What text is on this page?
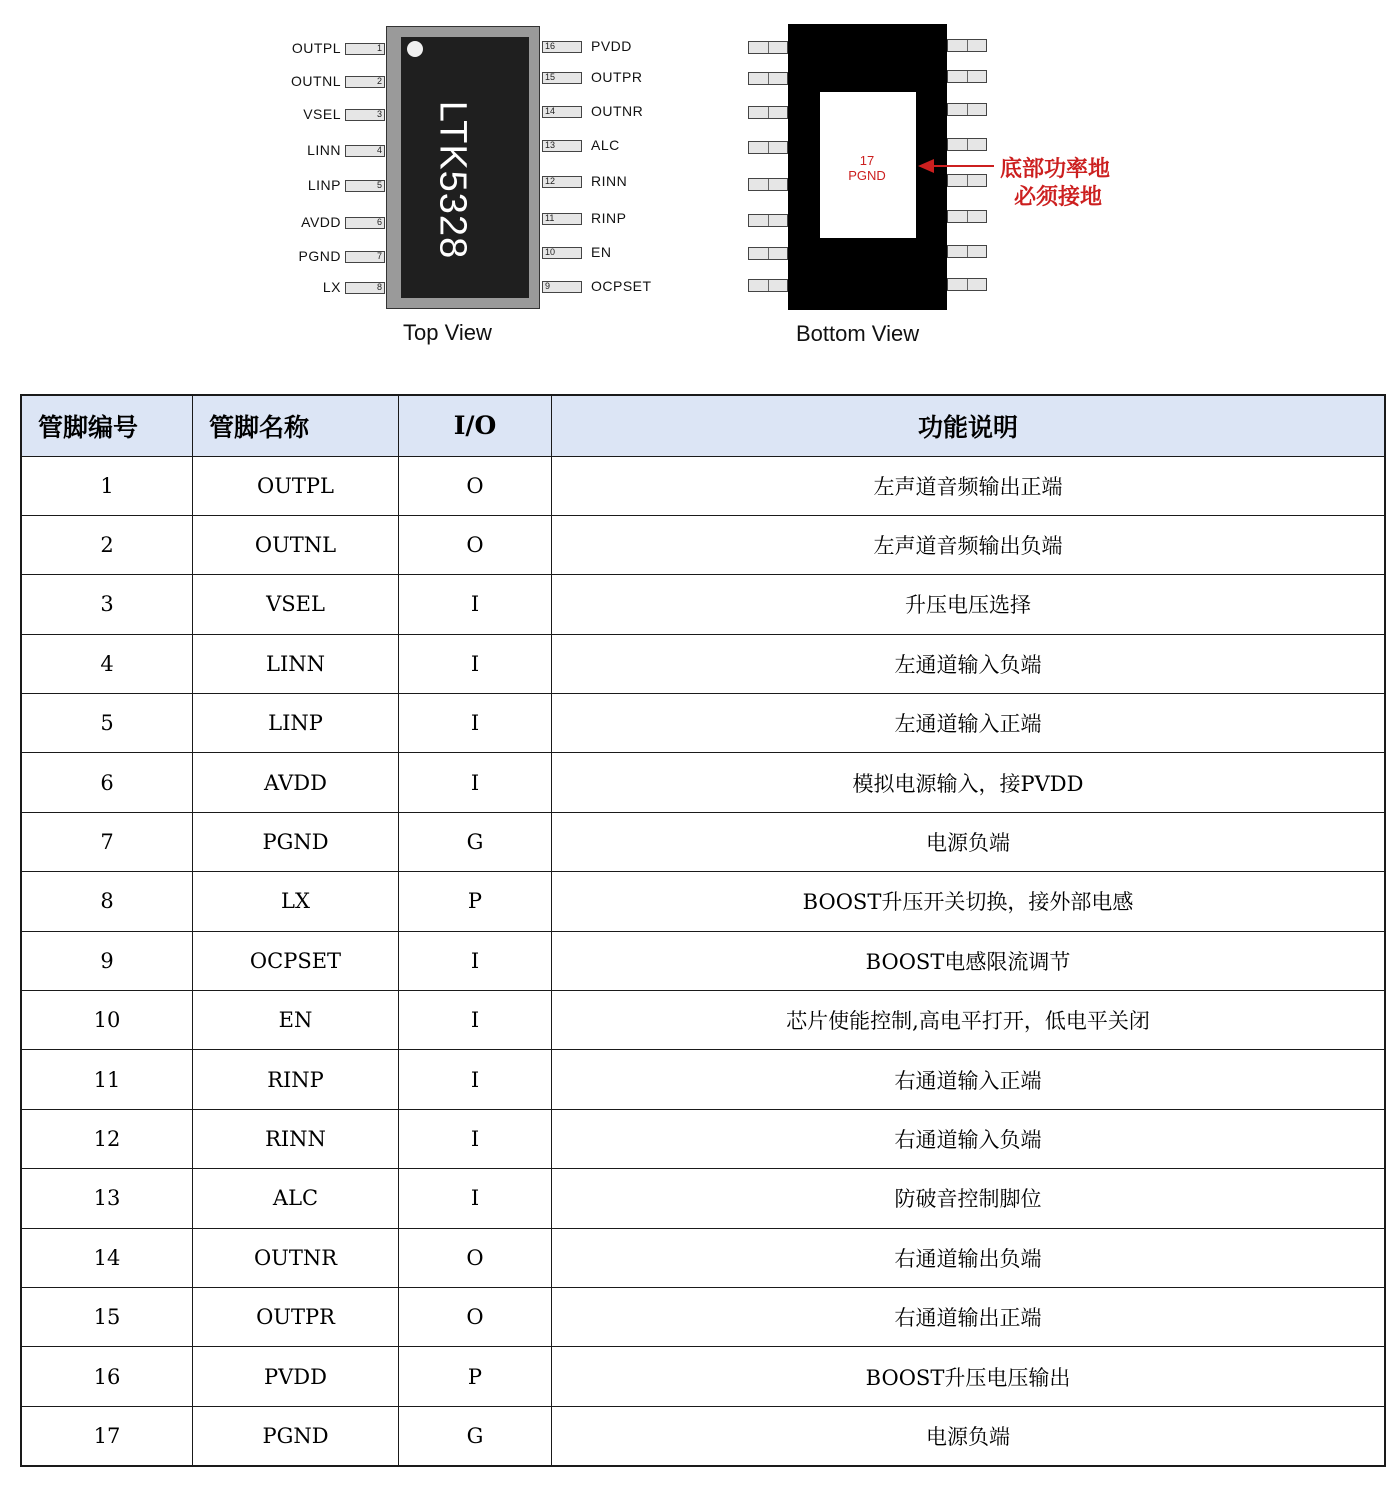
LTK5328
1
OUTPL
2
OUTNL
3
VSEL
4
LINN
5
LINP
6
AVDD
7
PGND
8
LX
16	PVDD
15	OUTPR
14	OUTNR
13	ALC
12	RINN
11	RINP
10	EN
9	OCPSET
Top View
17
PGND	底部功率地
必须接地
Bottom View
管脚编号	管脚名称	I/O	功能说明
1	OUTPL	O	左声道音频输出正端
2	OUTNL	O	左声道音频输出负端
3	VSEL	I	升压电压选择
4	LINN	I	左通道输入负端
5	LINP	I	左通道输入正端
6	AVDD	I	模拟电源输入，接PVDD
7	PGND	G	电源负端
8	LX	P	BOOST升压开关切换，接外部电感
9	OCPSET	I	BOOST电感限流调节
10	EN	I	芯片使能控制,高电平打开，低电平关闭
11	RINP	I	右通道输入正端
12	RINN	I	右通道输入负端
13	ALC	I	防破音控制脚位
14	OUTNR	O	右通道输出负端
15	OUTPR	O	右通道输出正端
16	PVDD	P	BOOST升压电压输出
17	PGND	G	电源负端
